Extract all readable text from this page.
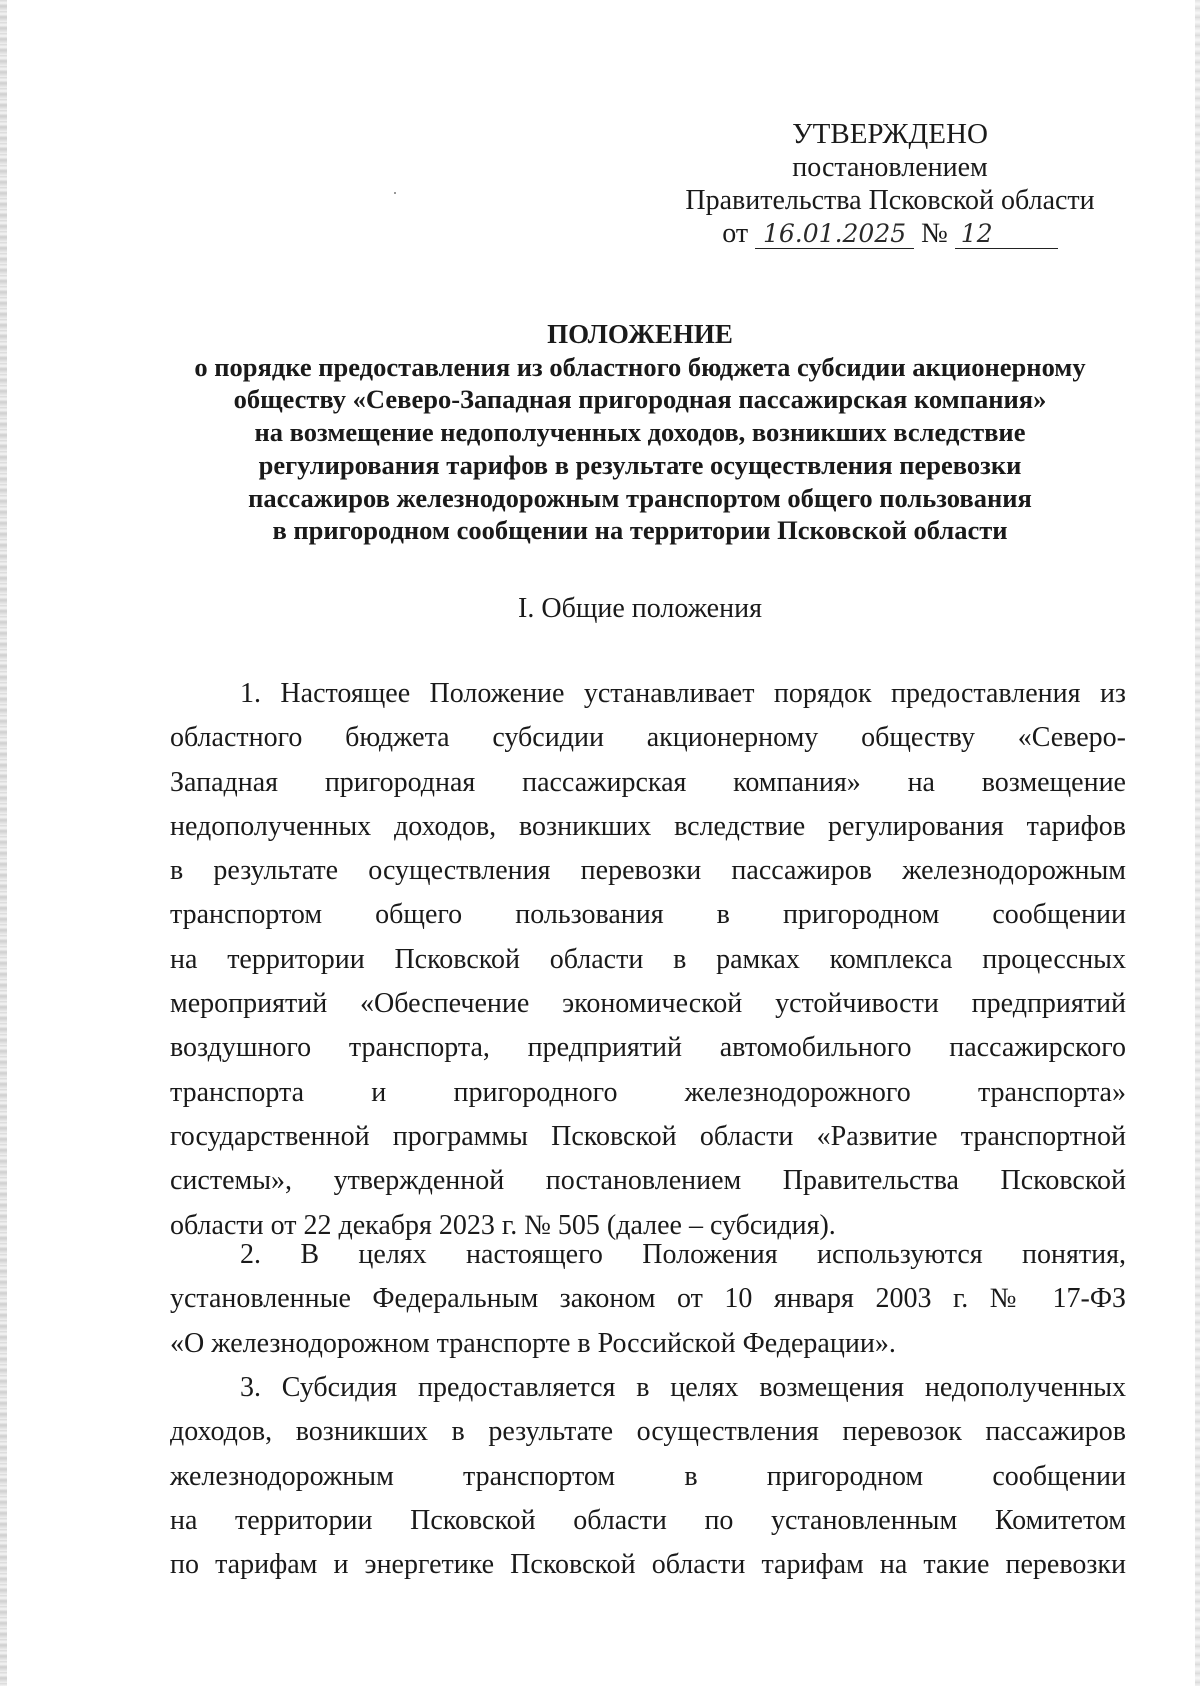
УТВЕРЖДЕНО
постановлением
Правительства Псковской области
от 16.01.2025 № 12
ПОЛОЖЕНИЕ
о порядке предоставления из областного бюджета субсидии акционерному
обществу «Северо-Западная пригородная пассажирская компания»
на возмещение недополученных доходов, возникших вследствие
регулирования тарифов в результате осуществления перевозки
пассажиров железнодорожным транспортом общего пользования
в пригородном сообщении на территории Псковской области
I. Общие положения
1. Настоящее Положение устанавливает порядок предоставления из
областного бюджета субсидии акционерному обществу «Северо-
Западная пригородная пассажирская компания» на возмещение
недополученных доходов, возникших вследствие регулирования тарифов
в результате осуществления перевозки пассажиров железнодорожным
транспортом общего пользования в пригородном сообщении
на территории Псковской области в рамках комплекса процессных
мероприятий «Обеспечение экономической устойчивости предприятий
воздушного транспорта, предприятий автомобильного пассажирского
транспорта и пригородного железнодорожного транспорта»
государственной программы Псковской области «Развитие транспортной
системы», утвержденной постановлением Правительства Псковской
области от 22 декабря 2023 г. № 505 (далее – субсидия).
2. В целях настоящего Положения используются понятия,
установленные Федеральным законом от 10 января 2003 г. № 17-ФЗ
«О железнодорожном транспорте в Российской Федерации».
3. Субсидия предоставляется в целях возмещения недополученных
доходов, возникших в результате осуществления перевозок пассажиров
железнодорожным транспортом в пригородном сообщении
на территории Псковской области по установленным Комитетом
по тарифам и энергетике Псковской области тарифам на такие перевозки
